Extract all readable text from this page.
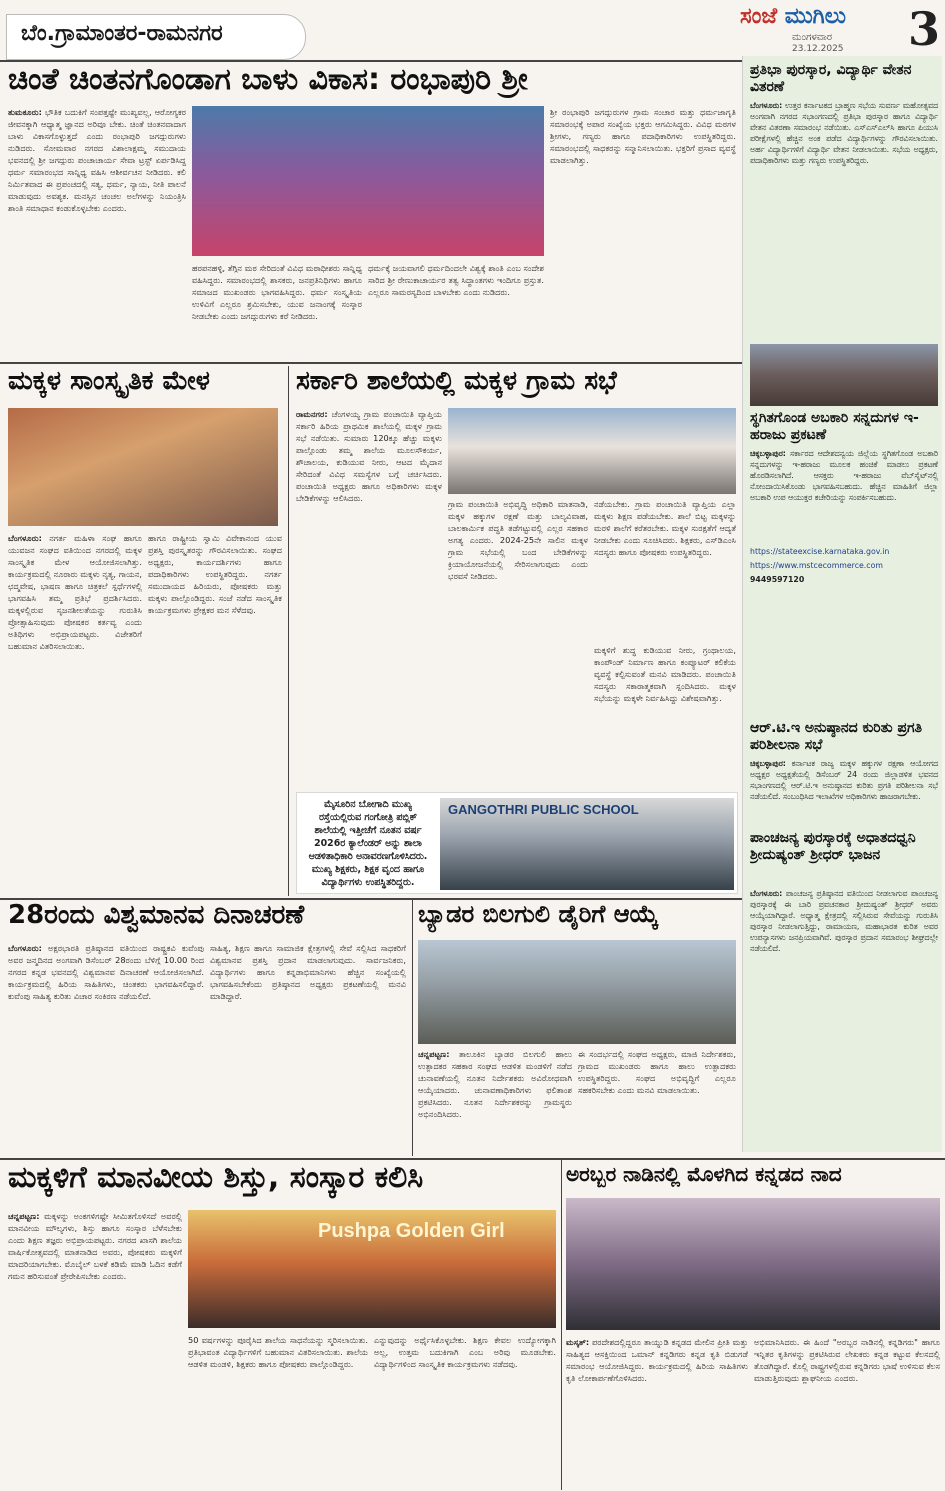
ಬೆಂ.ಗ್ರಾಮಾಂತರ-ರಾಮನಗರ
ಸಂಜೆ ಮುಗಿಲು
ಮಂಗಳವಾರ
23.12.2025 3
ಚಿಂತೆ ಚಿಂತನಗೊಂಡಾಗ ಬಾಳು ವಿಕಾಸ: ರಂಭಾಪುರಿ ಶ್ರೀ
ತುಮಕೂರು: ಭೌತಿಕ ಬದುಕಿಗೆ ಸಂಪತ್ತಷ್ಟೇ ಮುಖ್ಯವಲ್ಲ, ಆರೋಗ್ಯಕರ ಜೀವನಕ್ಕಾಗಿ ಆಧ್ಯಾತ್ಮ ಜ್ಞಾನದ ಅರಿವೂ ಬೇಕು. ಚಿಂತೆ ಚಿಂತನವಾದಾಗ ಬಾಳು ವಿಕಾಸಗೊಳ್ಳುತ್ತದೆ ಎಂದು ರಂಭಾಪುರಿ ಜಗದ್ಗುರುಗಳು ನುಡಿದರು. ಸೋಮವಾರ ನಗರದ ವಿಶಾಲಾಕ್ಷಮ್ಮ ಸಮುದಾಯ ಭವನದಲ್ಲಿ ಶ್ರೀ ಜಗದ್ಗುರು ಪಂಚಾಚಾರ್ಯ ಸೇವಾ ಟ್ರಸ್ಟ್ ಏರ್ಪಡಿಸಿದ್ದ ಧರ್ಮ ಸಮಾರಂಭದ ಸಾನ್ನಿಧ್ಯ ವಹಿಸಿ ಆಶೀರ್ವಚನ ನೀಡಿದರು. ಕಲಿ ನಿರ್ಮಿತವಾದ ಈ ಪ್ರಪಂಚದಲ್ಲಿ ಸತ್ಯ, ಧರ್ಮ, ನ್ಯಾಯ, ನೀತಿ ಪಾಲನೆ ಮಾಡುವುದು ಅವಶ್ಯಕ. ಮನಸ್ಸಿನ ಚಂಚಲ ಅಲೆಗಳನ್ನು ನಿಯಂತ್ರಿಸಿ ಶಾಂತಿ ಸಮಾಧಾನ ಕಂಡುಕೊಳ್ಳಬೇಕು ಎಂದರು.
ಹರಪನಹಳ್ಳಿ, ತೆಗ್ಗಿನ ಮಠ ಸೇರಿದಂತೆ ವಿವಿಧ ಮಠಾಧೀಶರು ಸಾನ್ನಿಧ್ಯ ವಹಿಸಿದ್ದರು. ಸಮಾರಂಭದಲ್ಲಿ ಶಾಸಕರು, ಜನಪ್ರತಿನಿಧಿಗಳು ಹಾಗೂ ಸಮಾಜದ ಮುಖಂಡರು ಭಾಗವಹಿಸಿದ್ದರು. ಧರ್ಮ ಸಂಸ್ಕೃತಿಯ ಉಳಿವಿಗೆ ಎಲ್ಲರೂ ಶ್ರಮಿಸಬೇಕು, ಯುವ ಜನಾಂಗಕ್ಕೆ ಸಂಸ್ಕಾರ ನೀಡಬೇಕು ಎಂದು ಜಗದ್ಗುರುಗಳು ಕರೆ ನೀಡಿದರು.
ಧರ್ಮಕ್ಕೆ ಜಯವಾಗಲಿ ಧರ್ಮದಿಂದಲೇ ವಿಶ್ವಕ್ಕೆ ಶಾಂತಿ ಎಂಬ ಸಂದೇಶ ಸಾರಿದ ಶ್ರೀ ರೇಣುಕಾಚಾರ್ಯರ ತತ್ವ ಸಿದ್ಧಾಂತಗಳು ಇಂದಿಗೂ ಪ್ರಸ್ತುತ. ಎಲ್ಲರೂ ಸಾಮರಸ್ಯದಿಂದ ಬಾಳಬೇಕು ಎಂದು ನುಡಿದರು.
ಶ್ರೀ ರಂಭಾಪುರಿ ಜಗದ್ಗುರುಗಳ ಗ್ರಾಮ ಸಂಚಾರ ಮತ್ತು ಧರ್ಮಜಾಗೃತಿ ಸಮಾರಂಭಕ್ಕೆ ಅಪಾರ ಸಂಖ್ಯೆಯ ಭಕ್ತರು ಆಗಮಿಸಿದ್ದರು. ವಿವಿಧ ಮಠಗಳ ಶ್ರೀಗಳು, ಗಣ್ಯರು ಹಾಗೂ ಪದಾಧಿಕಾರಿಗಳು ಉಪಸ್ಥಿತರಿದ್ದರು. ಸಮಾರಂಭದಲ್ಲಿ ಸಾಧಕರನ್ನು ಸನ್ಮಾನಿಸಲಾಯಿತು. ಭಕ್ತರಿಗೆ ಪ್ರಸಾದ ವ್ಯವಸ್ಥೆ ಮಾಡಲಾಗಿತ್ತು.
ಮಕ್ಕಳ ಸಾಂಸ್ಕೃತಿಕ ಮೇಳ
ಬೆಂಗಳೂರು: ನಗರ್ತ ಮಹಿಳಾ ಸಂಘ ಹಾಗೂ ಯುವಜನ ಸಂಘದ ವತಿಯಿಂದ ನಗರದಲ್ಲಿ ಮಕ್ಕಳ ಸಾಂಸ್ಕೃತಿಕ ಮೇಳ ಆಯೋಜಿಸಲಾಗಿತ್ತು. ಕಾರ್ಯಕ್ರಮದಲ್ಲಿ ನೂರಾರು ಮಕ್ಕಳು ನೃತ್ಯ, ಗಾಯನ, ಛದ್ಮವೇಷ, ಭಾಷಣ ಹಾಗೂ ಚಿತ್ರಕಲೆ ಸ್ಪರ್ಧೆಗಳಲ್ಲಿ ಭಾಗವಹಿಸಿ ತಮ್ಮ ಪ್ರತಿಭೆ ಪ್ರದರ್ಶಿಸಿದರು. ಮಕ್ಕಳಲ್ಲಿರುವ ಸೃಜನಶೀಲತೆಯನ್ನು ಗುರುತಿಸಿ ಪ್ರೋತ್ಸಾಹಿಸುವುದು ಪೋಷಕರ ಕರ್ತವ್ಯ ಎಂದು ಅತಿಥಿಗಳು ಅಭಿಪ್ರಾಯಪಟ್ಟರು. ವಿಜೇತರಿಗೆ ಬಹುಮಾನ ವಿತರಿಸಲಾಯಿತು.
ಹಾಗೂ ರಾಷ್ಟ್ರೀಯ ಸ್ವಾಮಿ ವಿವೇಕಾನಂದ ಯುವ ಪ್ರಶಸ್ತಿ ಪುರಸ್ಕೃತರನ್ನು ಗೌರವಿಸಲಾಯಿತು. ಸಂಘದ ಅಧ್ಯಕ್ಷರು, ಕಾರ್ಯದರ್ಶಿಗಳು ಹಾಗೂ ಪದಾಧಿಕಾರಿಗಳು ಉಪಸ್ಥಿತರಿದ್ದರು. ನಗರ್ತ ಸಮುದಾಯದ ಹಿರಿಯರು, ಪೋಷಕರು ಮತ್ತು ಮಕ್ಕಳು ಪಾಲ್ಗೊಂಡಿದ್ದರು. ಸಂಜೆ ನಡೆದ ಸಾಂಸ್ಕೃತಿಕ ಕಾರ್ಯಕ್ರಮಗಳು ಪ್ರೇಕ್ಷಕರ ಮನ ಸೆಳೆದವು.
ಸರ್ಕಾರಿ ಶಾಲೆಯಲ್ಲಿ ಮಕ್ಕಳ ಗ್ರಾಮ ಸಭೆ
ರಾಮನಗರ: ಚೆಂಗಳಯ್ಯ ಗ್ರಾಮ ಪಂಚಾಯಿತಿ ವ್ಯಾಪ್ತಿಯ ಸರ್ಕಾರಿ ಹಿರಿಯ ಪ್ರಾಥಮಿಕ ಶಾಲೆಯಲ್ಲಿ ಮಕ್ಕಳ ಗ್ರಾಮ ಸಭೆ ನಡೆಯಿತು. ಸುಮಾರು 120ಕ್ಕೂ ಹೆಚ್ಚು ಮಕ್ಕಳು ಪಾಲ್ಗೊಂಡು ತಮ್ಮ ಶಾಲೆಯ ಮೂಲಸೌಕರ್ಯ, ಶೌಚಾಲಯ, ಕುಡಿಯುವ ನೀರು, ಆಟದ ಮೈದಾನ ಸೇರಿದಂತೆ ವಿವಿಧ ಸಮಸ್ಯೆಗಳ ಬಗ್ಗೆ ಚರ್ಚಿಸಿದರು. ಪಂಚಾಯಿತಿ ಅಧ್ಯಕ್ಷರು ಹಾಗೂ ಅಧಿಕಾರಿಗಳು ಮಕ್ಕಳ ಬೇಡಿಕೆಗಳನ್ನು ಆಲಿಸಿದರು.
ಗ್ರಾಮ ಪಂಚಾಯಿತಿ ಅಭಿವೃದ್ಧಿ ಅಧಿಕಾರಿ ಮಾತನಾಡಿ, ಮಕ್ಕಳ ಹಕ್ಕುಗಳ ರಕ್ಷಣೆ ಮತ್ತು ಬಾಲ್ಯವಿವಾಹ, ಬಾಲಕಾರ್ಮಿಕ ಪದ್ಧತಿ ತಡೆಗಟ್ಟುವಲ್ಲಿ ಎಲ್ಲರ ಸಹಕಾರ ಅಗತ್ಯ ಎಂದರು. 2024-25ನೇ ಸಾಲಿನ ಮಕ್ಕಳ ಗ್ರಾಮ ಸಭೆಯಲ್ಲಿ ಬಂದ ಬೇಡಿಕೆಗಳನ್ನು ಕ್ರಿಯಾಯೋಜನೆಯಲ್ಲಿ ಸೇರಿಸಲಾಗುವುದು ಎಂದು ಭರವಸೆ ನೀಡಿದರು.
ನಡೆಯಬೇಕು. ಗ್ರಾಮ ಪಂಚಾಯಿತಿ ವ್ಯಾಪ್ತಿಯ ಎಲ್ಲಾ ಮಕ್ಕಳು ಶಿಕ್ಷಣ ಪಡೆಯಬೇಕು. ಶಾಲೆ ಬಿಟ್ಟ ಮಕ್ಕಳನ್ನು ಮರಳಿ ಶಾಲೆಗೆ ಕರೆತರಬೇಕು. ಮಕ್ಕಳ ಸುರಕ್ಷತೆಗೆ ಆದ್ಯತೆ ನೀಡಬೇಕು ಎಂದು ಸೂಚಿಸಿದರು. ಶಿಕ್ಷಕರು, ಎಸ್‌ಡಿಎಂಸಿ ಸದಸ್ಯರು ಹಾಗೂ ಪೋಷಕರು ಉಪಸ್ಥಿತರಿದ್ದರು.
ಮಕ್ಕಳಿಗೆ ಶುದ್ಧ ಕುಡಿಯುವ ನೀರು, ಗ್ರಂಥಾಲಯ, ಕಾಂಪೌಂಡ್ ನಿರ್ಮಾಣ ಹಾಗೂ ಕಂಪ್ಯೂಟರ್ ಕಲಿಕೆಯ ವ್ಯವಸ್ಥೆ ಕಲ್ಪಿಸುವಂತೆ ಮನವಿ ಮಾಡಿದರು. ಪಂಚಾಯಿತಿ ಸದಸ್ಯರು ಸಕಾರಾತ್ಮಕವಾಗಿ ಸ್ಪಂದಿಸಿದರು. ಮಕ್ಕಳ ಸಭೆಯನ್ನು ಮಕ್ಕಳೇ ನಿರ್ವಹಿಸಿದ್ದು ವಿಶೇಷವಾಗಿತ್ತು.
ಮೈಸೂರಿನ ಬೋಗಾದಿ ಮುಖ್ಯ ರಸ್ತೆಯಲ್ಲಿರುವ ಗಂಗೋತ್ರಿ ಪಬ್ಲಿಕ್ ಶಾಲೆಯಲ್ಲಿ ಇತ್ತೀಚೆಗೆ ನೂತನ ವರ್ಷ 2026ರ ಕ್ಯಾಲೆಂಡರ್ ಅನ್ನು ಶಾಲಾ ಆಡಳಿತಾಧಿಕಾರಿ ಅನಾವರಣಗೊಳಿಸಿದರು. ಮುಖ್ಯ ಶಿಕ್ಷಕರು, ಶಿಕ್ಷಕ ವೃಂದ ಹಾಗೂ ವಿದ್ಯಾರ್ಥಿಗಳು ಉಪಸ್ಥಿತರಿದ್ದರು.
GANGOTHRI PUBLIC SCHOOL
28ರಂದು ವಿಶ್ವಮಾನವ ದಿನಾಚರಣೆ
ಬೆಂಗಳೂರು: ಅಕ್ಷರಭಾರತಿ ಪ್ರತಿಷ್ಠಾನದ ವತಿಯಿಂದ ರಾಷ್ಟ್ರಕವಿ ಕುವೆಂಪು ಅವರ ಜನ್ಮದಿನದ ಅಂಗವಾಗಿ ಡಿಸೆಂಬರ್ 28ರಂದು ಬೆಳಿಗ್ಗೆ 10.00 ರಿಂದ ನಗರದ ಕನ್ನಡ ಭವನದಲ್ಲಿ ವಿಶ್ವಮಾನವ ದಿನಾಚರಣೆ ಆಯೋಜಿಸಲಾಗಿದೆ. ಕಾರ್ಯಕ್ರಮದಲ್ಲಿ ಹಿರಿಯ ಸಾಹಿತಿಗಳು, ಚಿಂತಕರು ಭಾಗವಹಿಸಲಿದ್ದಾರೆ. ಕುವೆಂಪು ಸಾಹಿತ್ಯ ಕುರಿತು ವಿಚಾರ ಸಂಕಿರಣ ನಡೆಯಲಿದೆ.
ಸಾಹಿತ್ಯ, ಶಿಕ್ಷಣ ಹಾಗೂ ಸಾಮಾಜಿಕ ಕ್ಷೇತ್ರಗಳಲ್ಲಿ ಸೇವೆ ಸಲ್ಲಿಸಿದ ಸಾಧಕರಿಗೆ ವಿಶ್ವಮಾನವ ಪ್ರಶಸ್ತಿ ಪ್ರದಾನ ಮಾಡಲಾಗುವುದು. ಸಾರ್ವಜನಿಕರು, ವಿದ್ಯಾರ್ಥಿಗಳು ಹಾಗೂ ಕನ್ನಡಾಭಿಮಾನಿಗಳು ಹೆಚ್ಚಿನ ಸಂಖ್ಯೆಯಲ್ಲಿ ಭಾಗವಹಿಸಬೇಕೆಂದು ಪ್ರತಿಷ್ಠಾನದ ಅಧ್ಯಕ್ಷರು ಪ್ರಕಟಣೆಯಲ್ಲಿ ಮನವಿ ಮಾಡಿದ್ದಾರೆ.
ಬ್ಯಾಡರ ಬಿಲಗುಲಿ ಡೈರಿಗೆ ಆಯ್ಕೆ
ಚನ್ನಪಟ್ಟಣ: ತಾಲೂಕಿನ ಬ್ಯಾಡರ ಬಿಲಗುಲಿ ಹಾಲು ಉತ್ಪಾದಕರ ಸಹಕಾರ ಸಂಘದ ಆಡಳಿತ ಮಂಡಳಿಗೆ ನಡೆದ ಚುನಾವಣೆಯಲ್ಲಿ ನೂತನ ನಿರ್ದೇಶಕರು ಅವಿರೋಧವಾಗಿ ಆಯ್ಕೆಯಾದರು. ಚುನಾವಣಾಧಿಕಾರಿಗಳು ಫಲಿತಾಂಶ ಪ್ರಕಟಿಸಿದರು. ನೂತನ ನಿರ್ದೇಶಕರನ್ನು ಗ್ರಾಮಸ್ಥರು ಅಭಿನಂದಿಸಿದರು.
ಈ ಸಂದರ್ಭದಲ್ಲಿ ಸಂಘದ ಅಧ್ಯಕ್ಷರು, ಮಾಜಿ ನಿರ್ದೇಶಕರು, ಗ್ರಾಮದ ಮುಖಂಡರು ಹಾಗೂ ಹಾಲು ಉತ್ಪಾದಕರು ಉಪಸ್ಥಿತರಿದ್ದರು. ಸಂಘದ ಅಭಿವೃದ್ಧಿಗೆ ಎಲ್ಲರೂ ಸಹಕರಿಸಬೇಕು ಎಂದು ಮನವಿ ಮಾಡಲಾಯಿತು.
ಮಕ್ಕಳಿಗೆ ಮಾನವೀಯ ಶಿಸ್ತು, ಸಂಸ್ಕಾರ ಕಲಿಸಿ
ಚನ್ನಪಟ್ಟಣ: ಮಕ್ಕಳನ್ನು ಅಂಕಗಳಿಗಷ್ಟೇ ಸೀಮಿತಗೊಳಿಸದೆ ಅವರಲ್ಲಿ ಮಾನವೀಯ ಮೌಲ್ಯಗಳು, ಶಿಸ್ತು ಹಾಗೂ ಸಂಸ್ಕಾರ ಬೆಳೆಸಬೇಕು ಎಂದು ಶಿಕ್ಷಣ ತಜ್ಞರು ಅಭಿಪ್ರಾಯಪಟ್ಟರು. ನಗರದ ಖಾಸಗಿ ಶಾಲೆಯ ವಾರ್ಷಿಕೋತ್ಸವದಲ್ಲಿ ಮಾತನಾಡಿದ ಅವರು, ಪೋಷಕರು ಮಕ್ಕಳಿಗೆ ಮಾದರಿಯಾಗಬೇಕು. ಮೊಬೈಲ್ ಬಳಕೆ ಕಡಿಮೆ ಮಾಡಿ ಓದಿನ ಕಡೆಗೆ ಗಮನ ಹರಿಸುವಂತೆ ಪ್ರೇರೇಪಿಸಬೇಕು ಎಂದರು.
Pushpa Golden Girl
50 ವರ್ಷಗಳನ್ನು ಪೂರೈಸಿದ ಶಾಲೆಯ ಸಾಧನೆಯನ್ನು ಸ್ಮರಿಸಲಾಯಿತು. ಪ್ರತಿಭಾವಂತ ವಿದ್ಯಾರ್ಥಿಗಳಿಗೆ ಬಹುಮಾನ ವಿತರಿಸಲಾಯಿತು. ಶಾಲೆಯ ಆಡಳಿತ ಮಂಡಳಿ, ಶಿಕ್ಷಕರು ಹಾಗೂ ಪೋಷಕರು ಪಾಲ್ಗೊಂಡಿದ್ದರು.
ಎನ್ನುವುದನ್ನು ಅರ್ಥೈಸಿಕೊಳ್ಳಬೇಕು. ಶಿಕ್ಷಣ ಕೇವಲ ಉದ್ಯೋಗಕ್ಕಾಗಿ ಅಲ್ಲ, ಉತ್ತಮ ಬದುಕಿಗಾಗಿ ಎಂಬ ಅರಿವು ಮೂಡಬೇಕು. ವಿದ್ಯಾರ್ಥಿಗಳಿಂದ ಸಾಂಸ್ಕೃತಿಕ ಕಾರ್ಯಕ್ರಮಗಳು ನಡೆದವು.
ಅರಬ್ಬರ ನಾಡಿನಲ್ಲಿ ಮೊಳಗಿದ ಕನ್ನಡದ ನಾದ
ಮಸ್ಕತ್: ಪರದೇಶದಲ್ಲಿದ್ದರೂ ತಾಯ್ನುಡಿ ಕನ್ನಡದ ಮೇಲಿನ ಪ್ರೀತಿ ಮತ್ತು ಸಾಹಿತ್ಯದ ಆಸಕ್ತಿಯಿಂದ ಒಮಾನ್ ಕನ್ನಡಿಗರು ಕನ್ನಡ ಕೃತಿ ಬಿಡುಗಡೆ ಸಮಾರಂಭ ಆಯೋಜಿಸಿದ್ದರು. ಕಾರ್ಯಕ್ರಮದಲ್ಲಿ ಹಿರಿಯ ಸಾಹಿತಿಗಳು ಕೃತಿ ಲೋಕಾರ್ಪಣೆಗೊಳಿಸಿದರು.
ಅಭಿಮಾನಿಸಿದರು. ಈ ಹಿಂದೆ "ಅರಬ್ಬರ ನಾಡಿನಲ್ಲಿ ಕನ್ನಡಿಗರು" ಹಾಗೂ ಇನ್ನಿತರ ಕೃತಿಗಳನ್ನು ಪ್ರಕಟಿಸಿರುವ ಲೇಖಕರು ಕನ್ನಡ ಕಟ್ಟುವ ಕೆಲಸದಲ್ಲಿ ತೊಡಗಿದ್ದಾರೆ. ಕೊಲ್ಲಿ ರಾಷ್ಟ್ರಗಳಲ್ಲಿರುವ ಕನ್ನಡಿಗರು ಭಾಷೆ ಉಳಿಸುವ ಕೆಲಸ ಮಾಡುತ್ತಿರುವುದು ಶ್ಲಾಘನೀಯ ಎಂದರು.
ಪ್ರತಿಭಾ ಪುರಸ್ಕಾರ, ವಿದ್ಯಾರ್ಥಿ ವೇತನ ವಿತರಣೆ
ಬೆಂಗಳೂರು: ಉತ್ತರ ಕರ್ನಾಟಕದ ಬ್ರಾಹ್ಮಣ ಸಭೆಯ ಸುವರ್ಣ ಮಹೋತ್ಸವದ ಅಂಗವಾಗಿ ನಗರದ ಸಭಾಂಗಣದಲ್ಲಿ ಪ್ರತಿಭಾ ಪುರಸ್ಕಾರ ಹಾಗೂ ವಿದ್ಯಾರ್ಥಿ ವೇತನ ವಿತರಣಾ ಸಮಾರಂಭ ನಡೆಯಿತು. ಎಸ್‌ಎಸ್‌ಎಲ್‌ಸಿ ಹಾಗೂ ಪಿಯುಸಿ ಪರೀಕ್ಷೆಗಳಲ್ಲಿ ಹೆಚ್ಚಿನ ಅಂಕ ಪಡೆದ ವಿದ್ಯಾರ್ಥಿಗಳನ್ನು ಗೌರವಿಸಲಾಯಿತು. ಅರ್ಹ ವಿದ್ಯಾರ್ಥಿಗಳಿಗೆ ವಿದ್ಯಾರ್ಥಿ ವೇತನ ನೀಡಲಾಯಿತು. ಸಭೆಯ ಅಧ್ಯಕ್ಷರು, ಪದಾಧಿಕಾರಿಗಳು ಮತ್ತು ಗಣ್ಯರು ಉಪಸ್ಥಿತರಿದ್ದರು.
ಸ್ಥಗಿತಗೊಂಡ ಅಬಕಾರಿ ಸನ್ನದುಗಳ ಇ-ಹರಾಜು ಪ್ರಕಟಣೆ
ಚಿಕ್ಕಬಳ್ಳಾಪುರ: ಸರ್ಕಾರದ ಆದೇಶದನ್ವಯ ಜಿಲ್ಲೆಯ ಸ್ಥಗಿತಗೊಂಡ ಅಬಕಾರಿ ಸನ್ನದುಗಳನ್ನು ಇ-ಹರಾಜು ಮೂಲಕ ಹಂಚಿಕೆ ಮಾಡಲು ಪ್ರಕಟಣೆ ಹೊರಡಿಸಲಾಗಿದೆ. ಆಸಕ್ತರು ಇ-ಹರಾಜು ವೆಬ್‌ಸೈಟ್‌ನಲ್ಲಿ ನೋಂದಾಯಿಸಿಕೊಂಡು ಭಾಗವಹಿಸಬಹುದು. ಹೆಚ್ಚಿನ ಮಾಹಿತಿಗೆ ಜಿಲ್ಲಾ ಅಬಕಾರಿ ಉಪ ಆಯುಕ್ತರ ಕಚೇರಿಯನ್ನು ಸಂಪರ್ಕಿಸಬಹುದು.
https://stateexcise.karnataka.gov.in
https://www.mstcecommerce.com
9449597120
ಆರ್.ಟಿ.ಇ ಅನುಷ್ಠಾನದ ಕುರಿತು ಪ್ರಗತಿ ಪರಿಶೀಲನಾ ಸಭೆ
ಚಿಕ್ಕಬಳ್ಳಾಪುರ: ಕರ್ನಾಟಕ ರಾಜ್ಯ ಮಕ್ಕಳ ಹಕ್ಕುಗಳ ರಕ್ಷಣಾ ಆಯೋಗದ ಅಧ್ಯಕ್ಷರ ಅಧ್ಯಕ್ಷತೆಯಲ್ಲಿ ಡಿಸೆಂಬರ್ 24 ರಂದು ಜಿಲ್ಲಾಡಳಿತ ಭವನದ ಸಭಾಂಗಣದಲ್ಲಿ ಆರ್.ಟಿ.ಇ ಅನುಷ್ಠಾನದ ಕುರಿತು ಪ್ರಗತಿ ಪರಿಶೀಲನಾ ಸಭೆ ನಡೆಯಲಿದೆ. ಸಂಬಂಧಿಸಿದ ಇಲಾಖೆಗಳ ಅಧಿಕಾರಿಗಳು ಹಾಜರಾಗಬೇಕು.
ಪಾಂಚಜನ್ಯ ಪುರಸ್ಕಾರಕ್ಕೆ ಅಧಾತದಧ್ವನಿ ಶ್ರೀದುಷ್ಯಂತ್ ಶ್ರೀಧರ್ ಭಾಜನ
ಬೆಂಗಳೂರು: ಪಾಂಚಜನ್ಯ ಪ್ರತಿಷ್ಠಾನದ ವತಿಯಿಂದ ನೀಡಲಾಗುವ ಪಾಂಚಜನ್ಯ ಪುರಸ್ಕಾರಕ್ಕೆ ಈ ಬಾರಿ ಪ್ರವಚನಕಾರ ಶ್ರೀದುಷ್ಯಂತ್ ಶ್ರೀಧರ್ ಅವರು ಆಯ್ಕೆಯಾಗಿದ್ದಾರೆ. ಅಧ್ಯಾತ್ಮ ಕ್ಷೇತ್ರದಲ್ಲಿ ಸಲ್ಲಿಸಿರುವ ಸೇವೆಯನ್ನು ಗುರುತಿಸಿ ಪುರಸ್ಕಾರ ನೀಡಲಾಗುತ್ತಿದ್ದು, ರಾಮಾಯಣ, ಮಹಾಭಾರತ ಕುರಿತ ಅವರ ಉಪನ್ಯಾಸಗಳು ಜನಪ್ರಿಯವಾಗಿವೆ. ಪುರಸ್ಕಾರ ಪ್ರದಾನ ಸಮಾರಂಭ ಶೀಘ್ರದಲ್ಲೇ ನಡೆಯಲಿದೆ.
